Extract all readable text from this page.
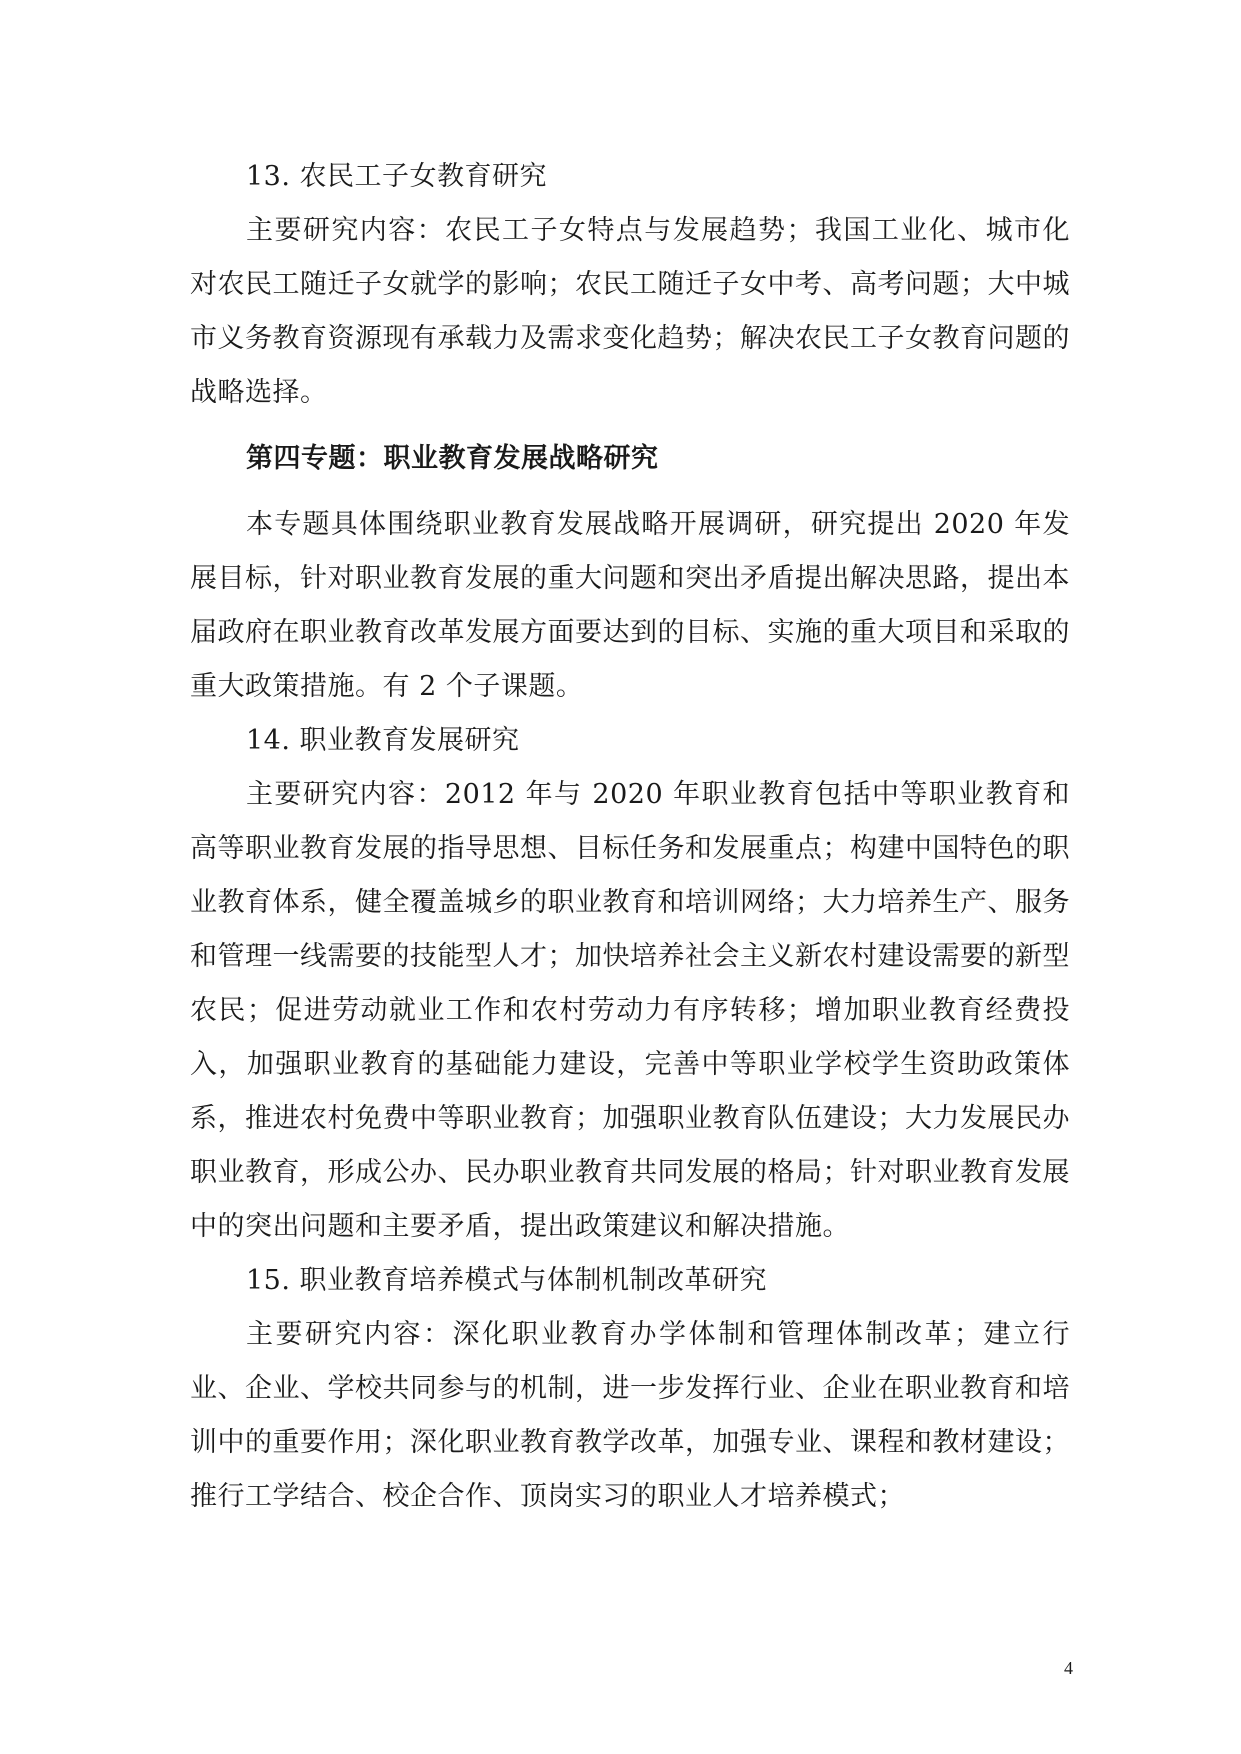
13. 农民工子女教育研究

主要研究内容：农民工子女特点与发展趋势；我国工业化、城市化对农民工随迁子女就学的影响；农民工随迁子女中考、高考问题；大中城市义务教育资源现有承载力及需求变化趋势；解决农民工子女教育问题的战略选择。

第四专题：职业教育发展战略研究

本专题具体围绕职业教育发展战略开展调研，研究提出 2020 年发展目标，针对职业教育发展的重大问题和突出矛盾提出解决思路，提出本届政府在职业教育改革发展方面要达到的目标、实施的重大项目和采取的重大政策措施。有 2 个子课题。

14. 职业教育发展研究

主要研究内容：2012 年与 2020 年职业教育包括中等职业教育和高等职业教育发展的指导思想、目标任务和发展重点；构建中国特色的职业教育体系，健全覆盖城乡的职业教育和培训网络；大力培养生产、服务和管理一线需要的技能型人才；加快培养社会主义新农村建设需要的新型农民；促进劳动就业工作和农村劳动力有序转移；增加职业教育经费投入，加强职业教育的基础能力建设，完善中等职业学校学生资助政策体系，推进农村免费中等职业教育；加强职业教育队伍建设；大力发展民办职业教育，形成公办、民办职业教育共同发展的格局；针对职业教育发展中的突出问题和主要矛盾，提出政策建议和解决措施。

15. 职业教育培养模式与体制机制改革研究

主要研究内容：深化职业教育办学体制和管理体制改革；建立行业、企业、学校共同参与的机制，进一步发挥行业、企业在职业教育和培训中的重要作用；深化职业教育教学改革，加强专业、课程和教材建设；推行工学结合、校企合作、顶岗实习的职业人才培养模式；

4
